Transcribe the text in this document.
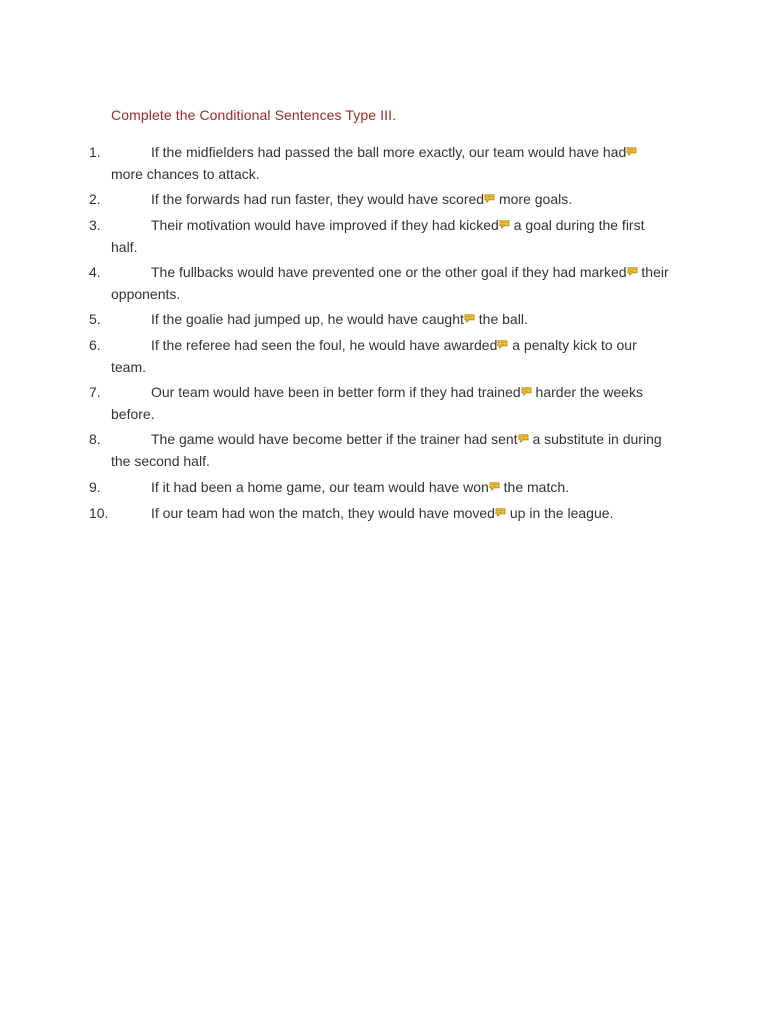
Complete the Conditional Sentences Type III.
1.	If the midfielders had passed the ball more exactly, our team would have had
more chances to attack.
2.	If the forwards had run faster, they would have scored more goals.
3.	Their motivation would have improved if they had kicked a goal during the first half.
4.	The fullbacks would have prevented one or the other goal if they had marked their opponents.
5.	If the goalie had jumped up, he would have caught the ball.
6.	If the referee had seen the foul, he would have awarded a penalty kick to our team.
7.	Our team would have been in better form if they had trained harder the weeks before.
8.	The game would have become better if the trainer had sent a substitute in during the second half.
9.	If it had been a home game, our team would have won the match.
10.	If our team had won the match, they would have moved up in the league.
